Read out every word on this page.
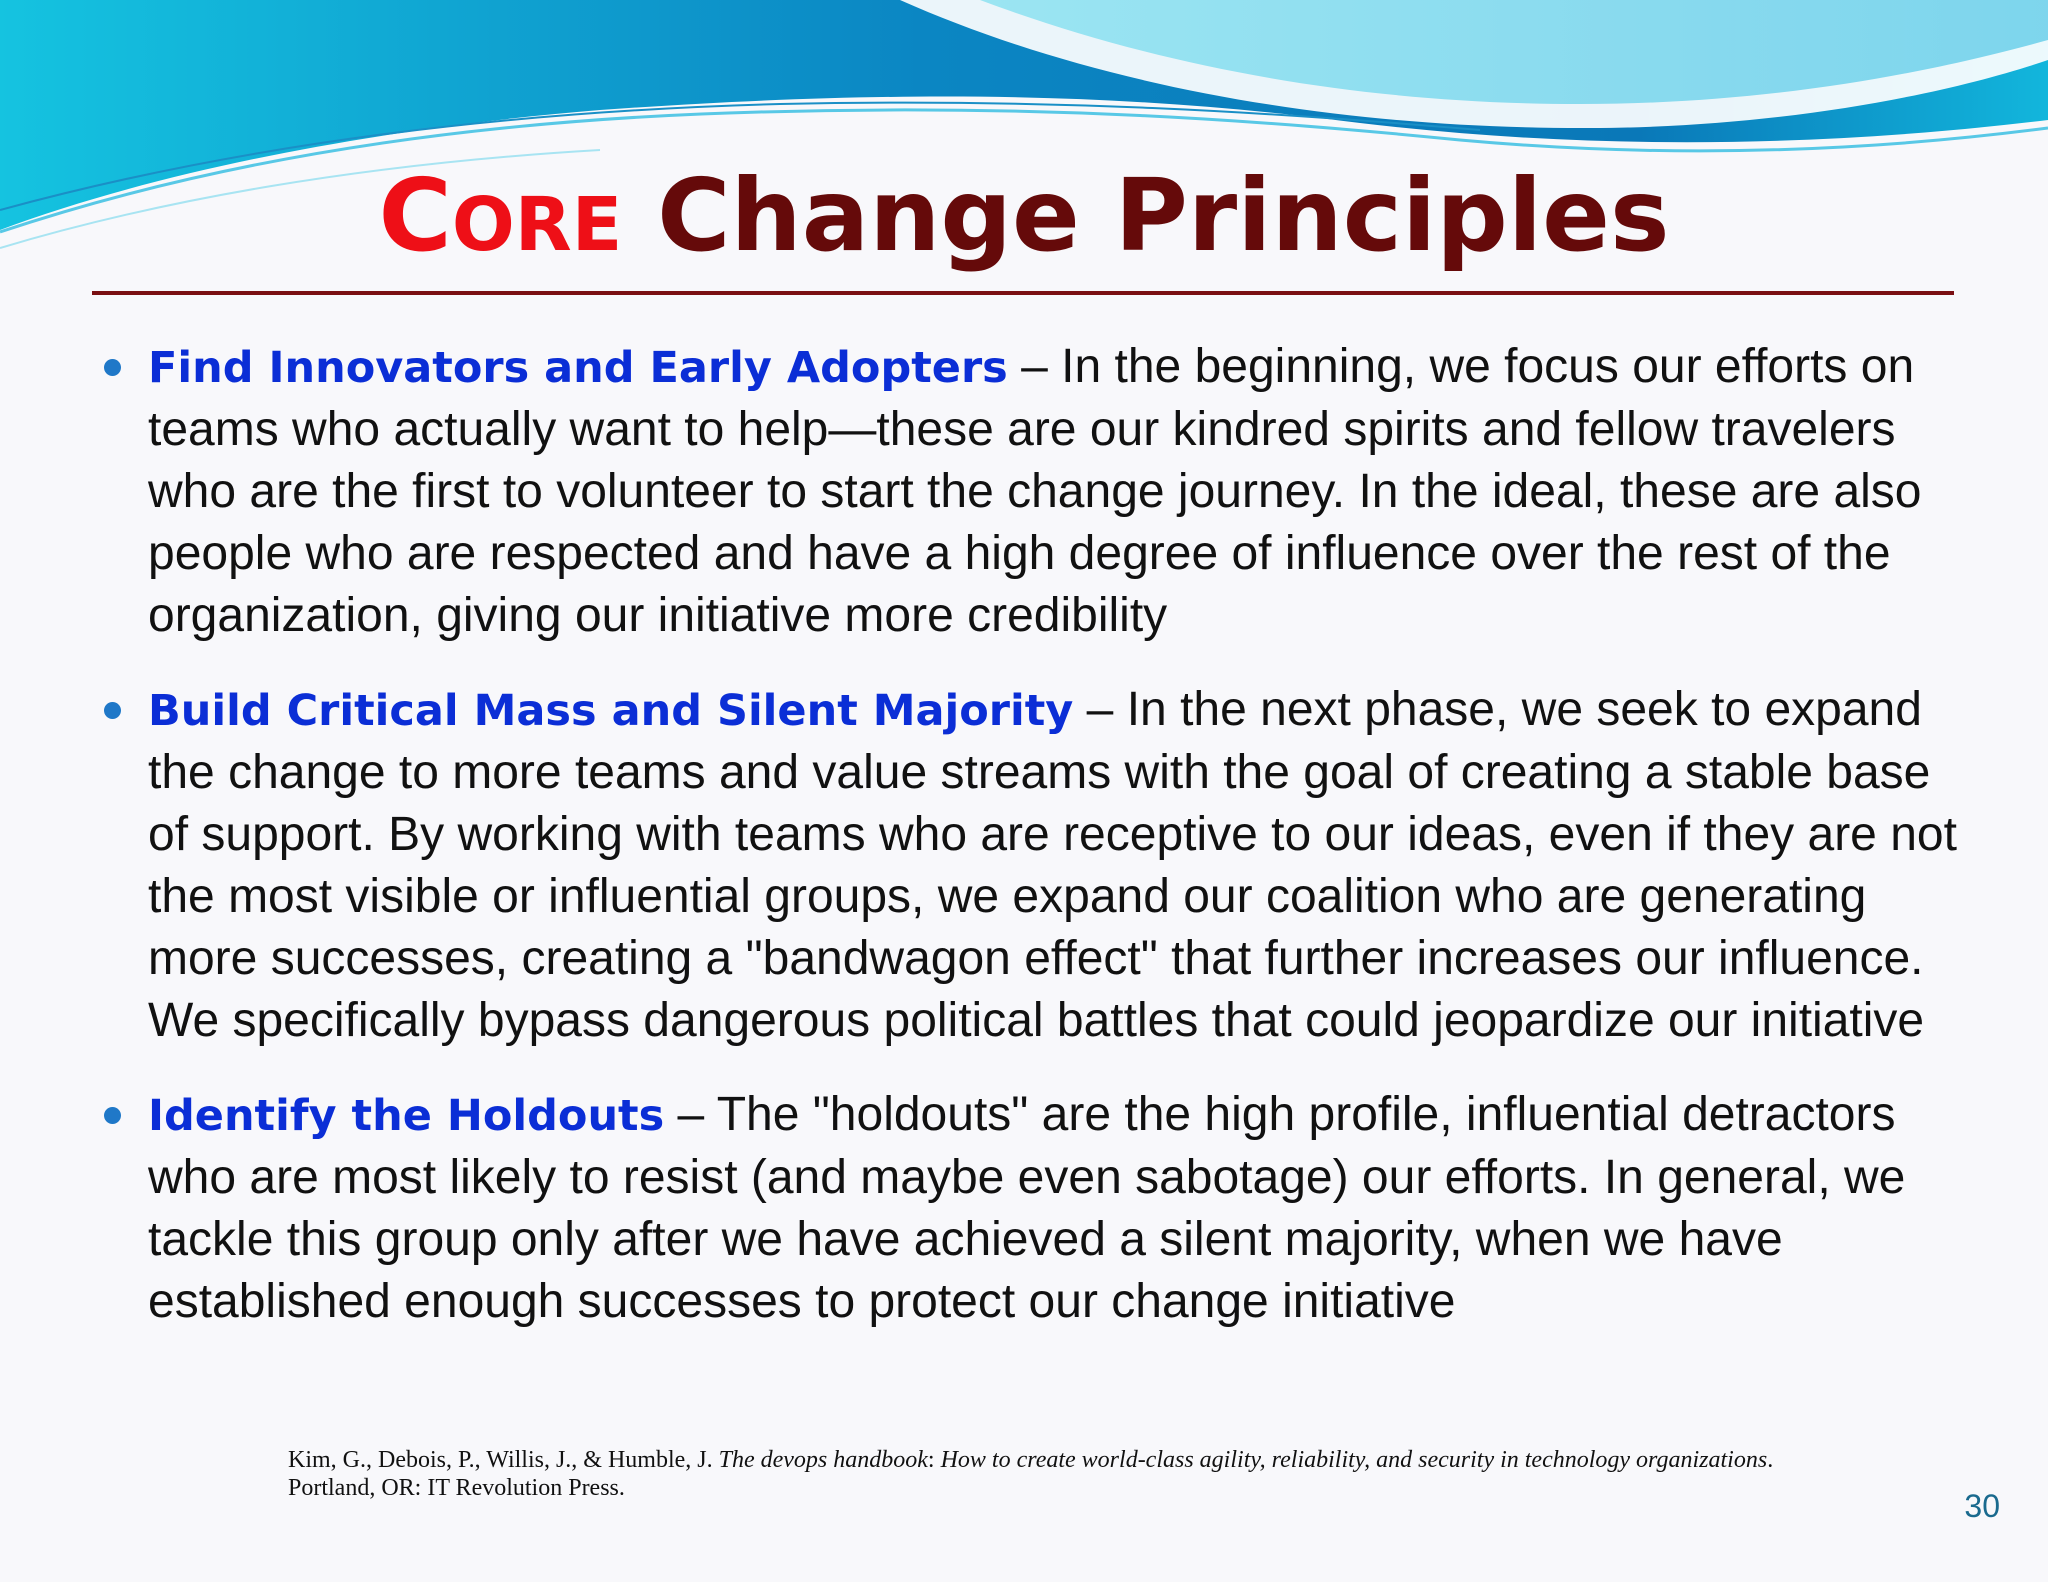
CORE Change Principles
Find Innovators and Early Adopters – In the beginning, we focus our efforts on teams who actually want to help—these are our kindred spirits and fellow travelers who are the first to volunteer to start the change journey. In the ideal, these are also people who are respected and have a high degree of influence over the rest of the organization, giving our initiative more credibility
Build Critical Mass and Silent Majority – In the next phase, we seek to expand the change to more teams and value streams with the goal of creating a stable base of support. By working with teams who are receptive to our ideas, even if they are not the most visible or influential groups, we expand our coalition who are generating more successes, creating a "bandwagon effect" that further increases our influence. We specifically bypass dangerous political battles that could jeopardize our initiative
Identify the Holdouts – The "holdouts" are the high profile, influential detractors who are most likely to resist (and maybe even sabotage) our efforts. In general, we tackle this group only after we have achieved a silent majority, when we have established enough successes to protect our change initiative
Kim, G., Debois, P., Willis, J., & Humble, J. The devops handbook: How to create world-class agility, reliability, and security in technology organizations. Portland, OR: IT Revolution Press.	30
